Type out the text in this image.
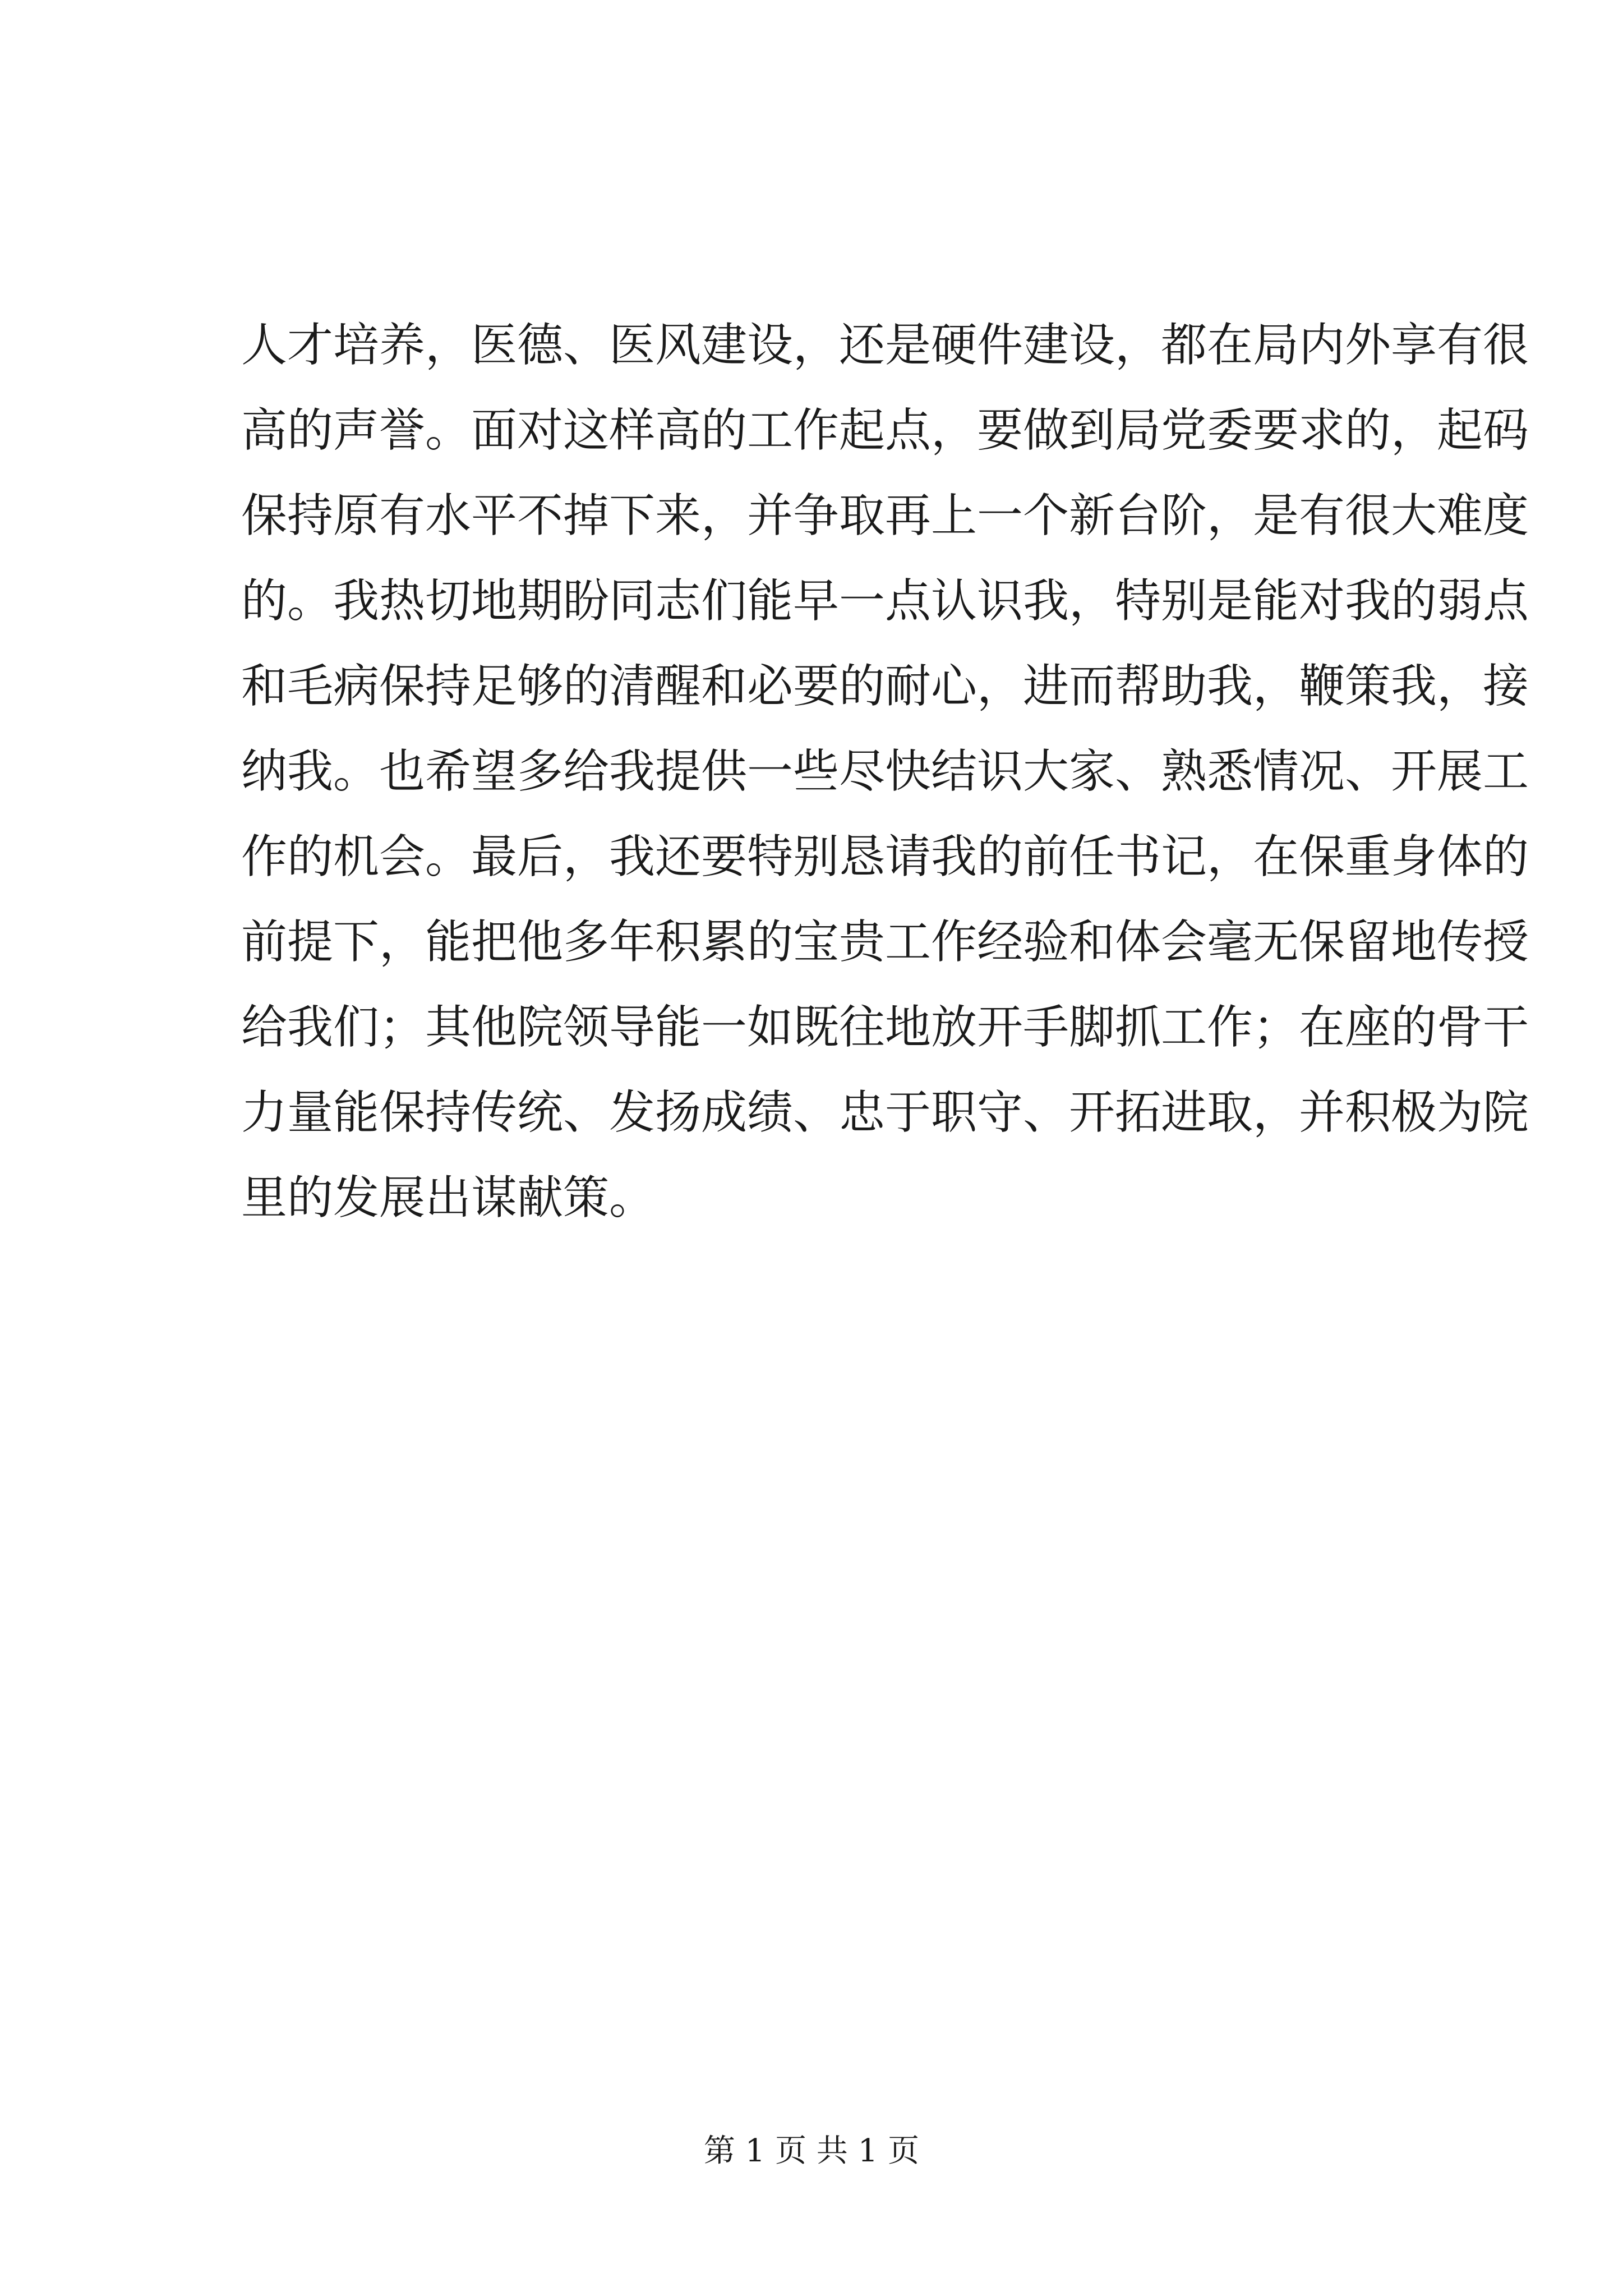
人才培养，医德、医风建设，还是硬件建设，都在局内外享有很
高的声誉。面对这样高的工作起点，要做到局党委要求的，起码
保持原有水平不掉下来，并争取再上一个新台阶，是有很大难度
的。我热切地期盼同志们能早一点认识我，特别是能对我的弱点
和毛病保持足够的清醒和必要的耐心，进而帮助我，鞭策我，接
纳我。也希望多给我提供一些尽快结识大家、熟悉情况、开展工
作的机会。最后，我还要特别恳请我的前任书记，在保重身体的
前提下，能把他多年积累的宝贵工作经验和体会毫无保留地传授
给我们；其他院领导能一如既往地放开手脚抓工作；在座的骨干
力量能保持传统、发扬成绩、忠于职守、开拓进取，并积极为院
里的发展出谋献策。
第 1 页 共 1 页
